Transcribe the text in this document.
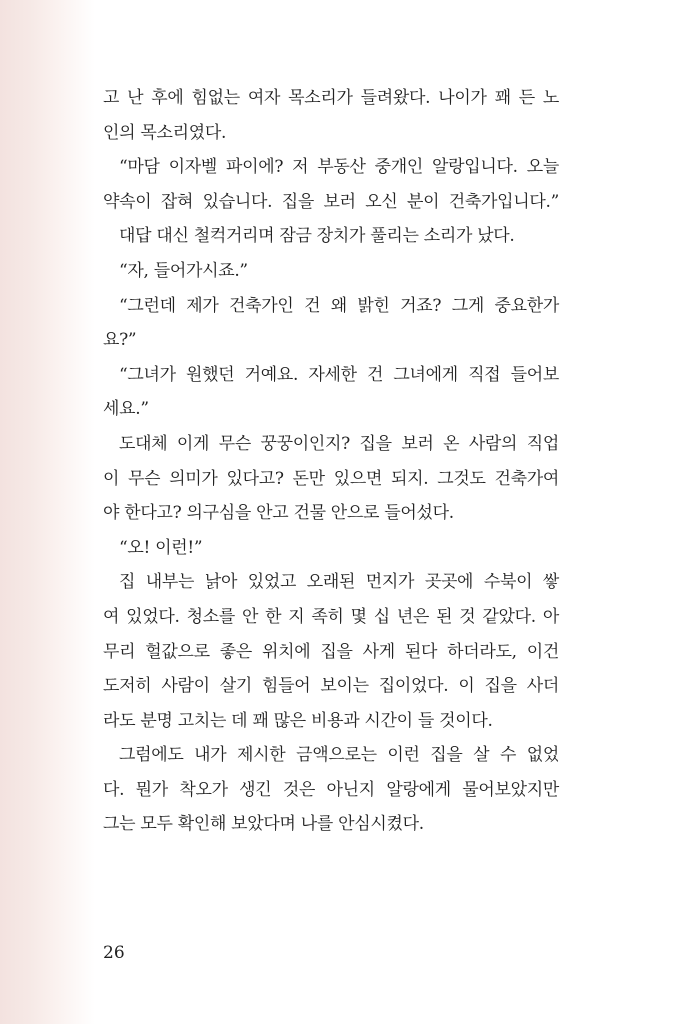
고 난 후에 힘없는 여자 목소리가 들려왔다. 나이가 꽤 든 노
인의 목소리였다.
“마담 이자벨 파이에? 저 부동산 중개인 알랑입니다. 오늘
약속이 잡혀 있습니다. 집을 보러 오신 분이 건축가입니다.”
대답 대신 철컥거리며 잠금 장치가 풀리는 소리가 났다.
“자, 들어가시죠.”
“그런데 제가 건축가인 건 왜 밝힌 거죠? 그게 중요한가
요?”
“그녀가 원했던 거예요. 자세한 건 그녀에게 직접 들어보
세요.”
도대체 이게 무슨 꿍꿍이인지? 집을 보러 온 사람의 직업
이 무슨 의미가 있다고? 돈만 있으면 되지. 그것도 건축가여
야 한다고? 의구심을 안고 건물 안으로 들어섰다.
“오! 이런!”
집 내부는 낡아 있었고 오래된 먼지가 곳곳에 수북이 쌓
여 있었다. 청소를 안 한 지 족히 몇 십 년은 된 것 같았다. 아
무리 헐값으로 좋은 위치에 집을 사게 된다 하더라도, 이건
도저히 사람이 살기 힘들어 보이는 집이었다. 이 집을 사더
라도 분명 고치는 데 꽤 많은 비용과 시간이 들 것이다.
그럼에도 내가 제시한 금액으로는 이런 집을 살 수 없었
다. 뭔가 착오가 생긴 것은 아닌지 알랑에게 물어보았지만
그는 모두 확인해 보았다며 나를 안심시켰다.
26
